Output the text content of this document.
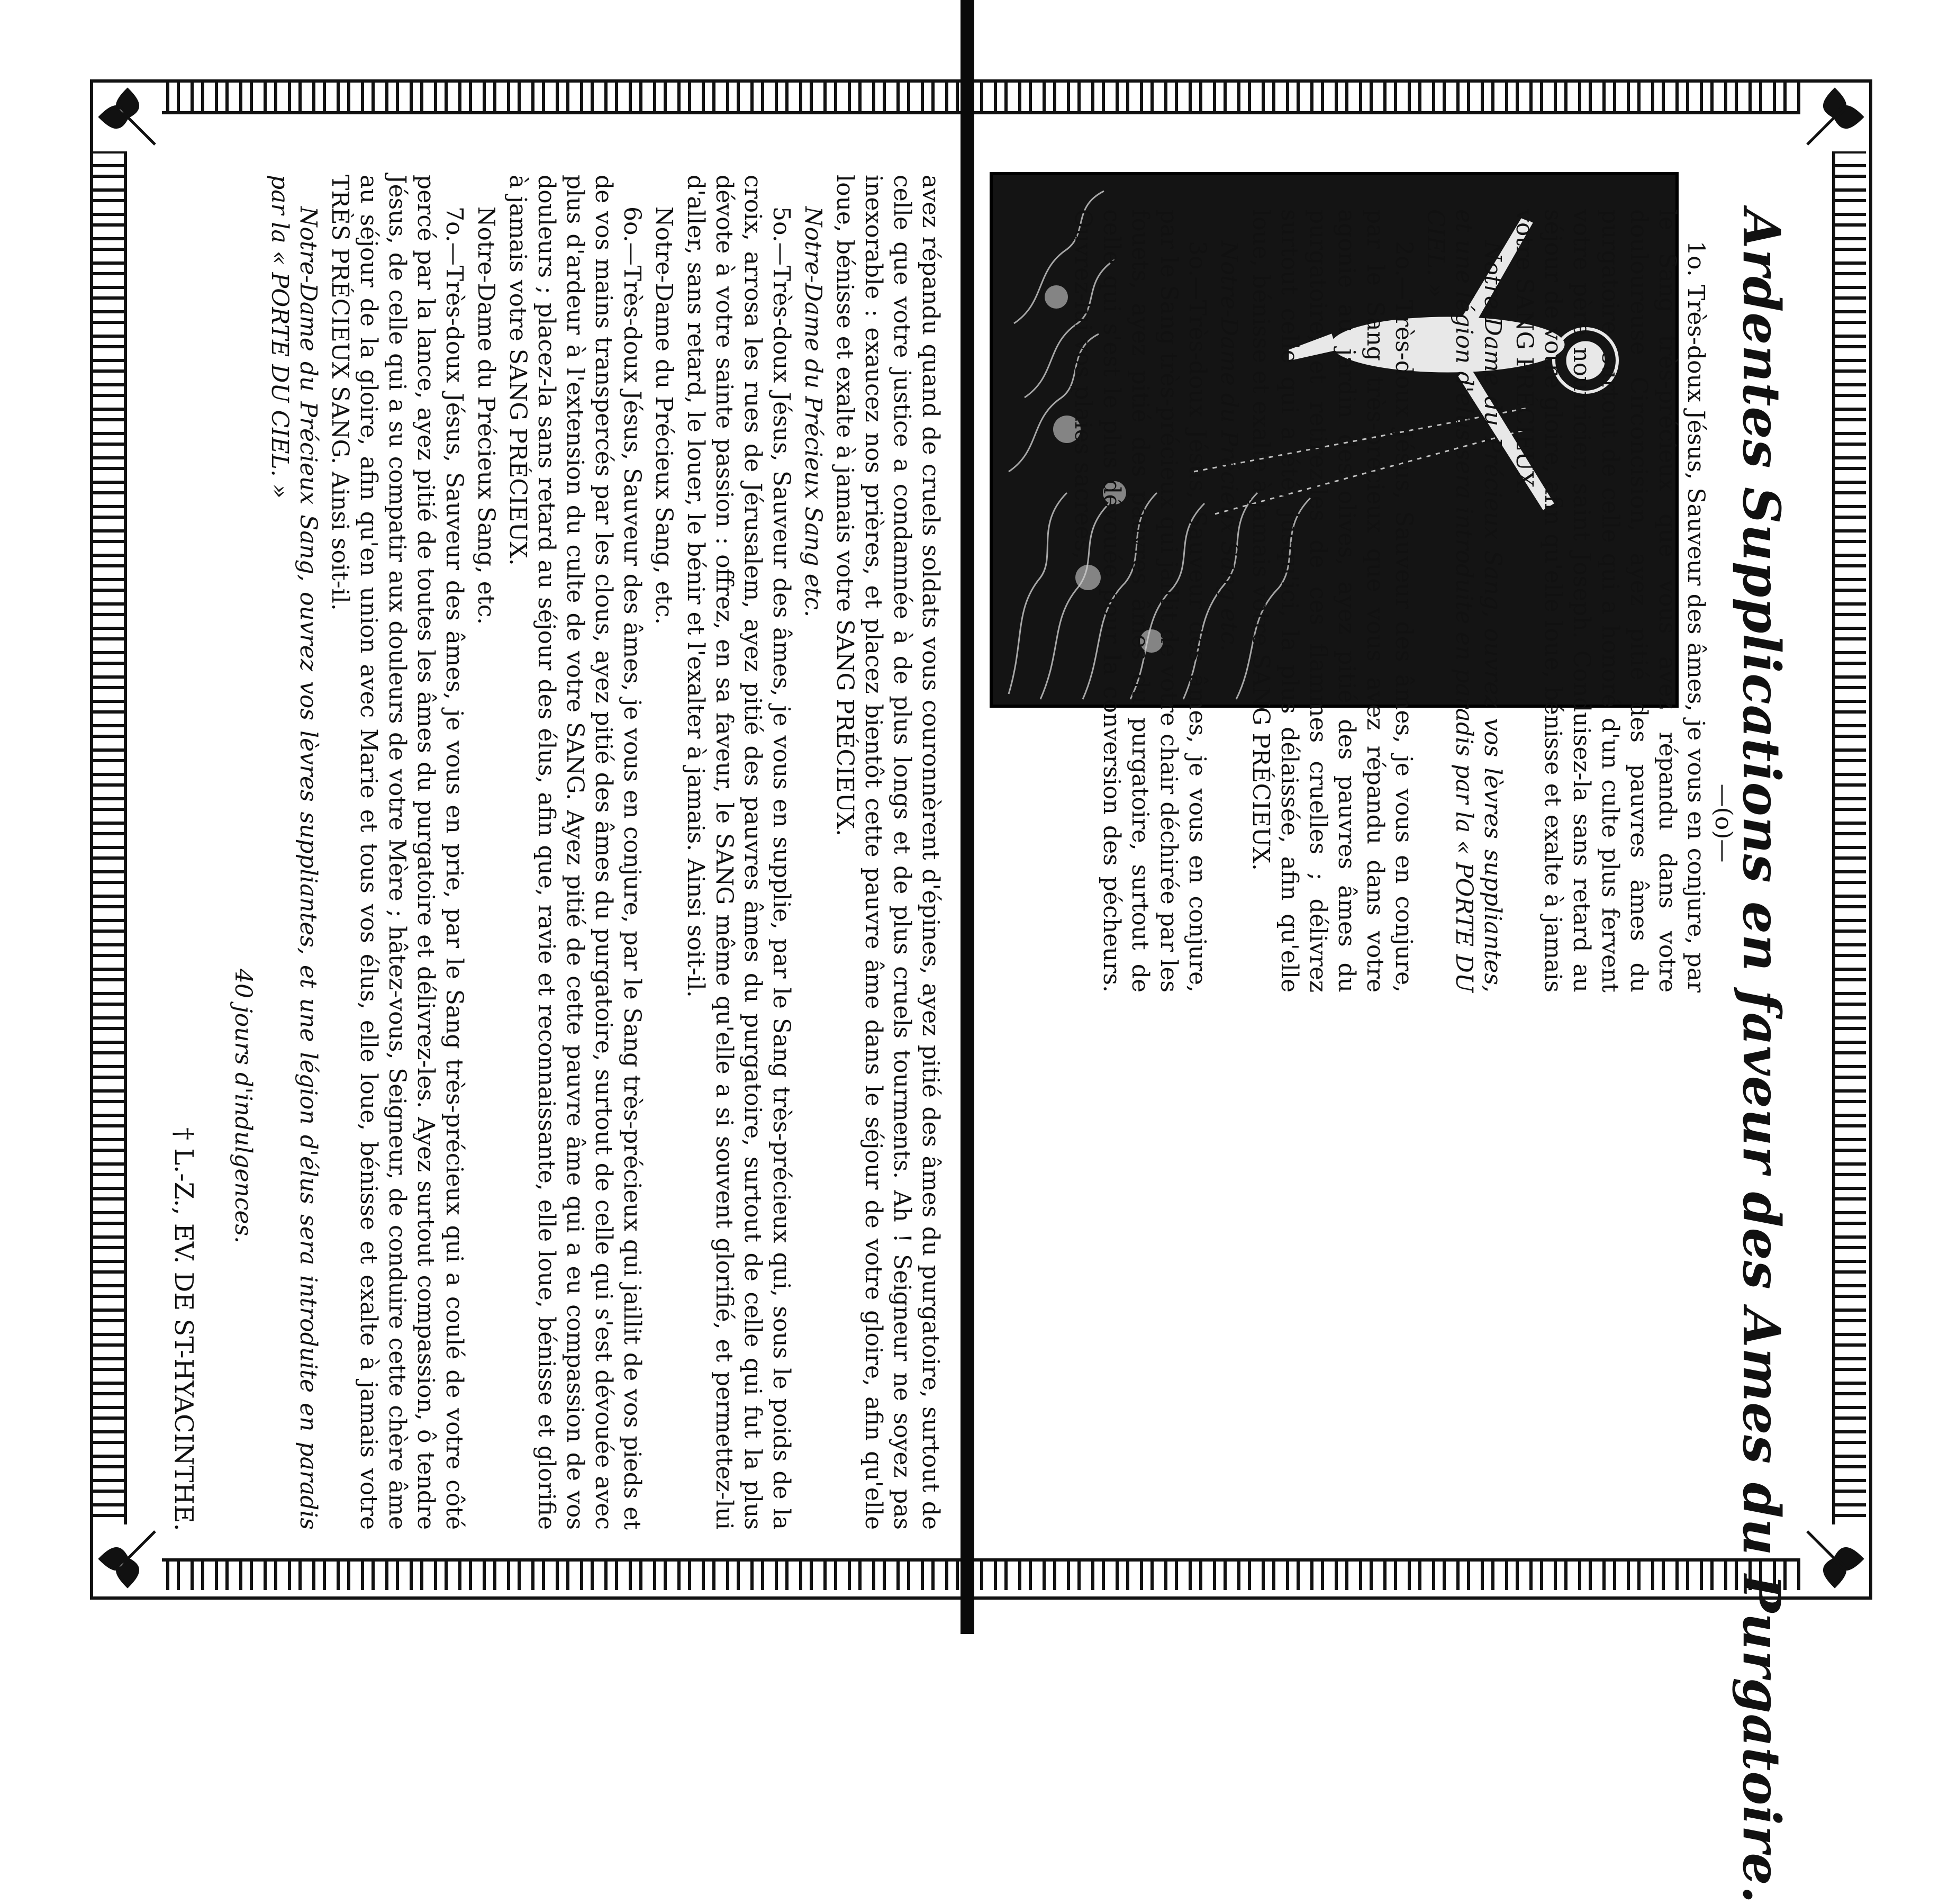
Ardentes Supplications en faveur des Ames du Purgatoire.
—(o)—

1o. Très-doux Jésus, Sauveur des âmes, je vous en conjure, par le Sang très-précieux que vous avez répandu dans votre douloureuse Circoncision, ayez pitié des pauvres âmes du purgatoire, surtout de celle qui a honoré d'un culte plus fervent votre père nourricier, saint Joseph. Conduisez-la sans retard au séjour de votre gloire, afin qu'elle loue, bénisse et exalte à jamais votre SANG PRÉCIEUX.

Notre-Dame du Précieux Sang, ouvrez vos lèvres suppliantes, et une légion d'élus sera introduite en paradis par la « PORTE DU CIEL. »

2o.—Très-doux Jésus, Sauveur des âmes, je vous en conjure, par le Sang très-précieux que vous avez répandu dans votre agonie au jardin des olives, ayez pitié des pauvres âmes du purgatoire, et retirez-les de ces flammes cruelles ; délivrez surtout celle qui a été, jusqu'ici, la plus délaissée, afin qu'elle loue, bénisse et exalte à jamais votre SANG PRÉCIEUX.

Notre-Dame du Précieux Sang etc.

3o.—Très-doux Jésus, Sauveur des âmes, je vous en conjure, par le Sang très-précieux qui jaillit de votre chair déchirée par les fouets, ayez pitié des pauvres âmes du purgatoire, surtout de celle qui s'est le plus dévouée pour la conversion des pécheurs. Ouvrez-lui vos plaies sacrées,

avez répandu quand de cruels soldats vous couronnèrent d'épines, ayez pitié des âmes du purgatoire, surtout de celle que votre justice a condamnée à de plus longs et de plus cruels tourments. Ah ! Seigneur ne soyez pas inexorable : exaucez nos prières, et placez bientôt cette pauvre âme dans le séjour de votre gloire, afin qu'elle loue, bénisse et exalte à jamais votre SANG PRÉCIEUX.

Notre-Dame du Précieux Sang etc.

5o.—Très-doux Jésus, Sauveur des âmes, je vous en supplie, par le Sang très-précieux qui, sous le poids de la croix, arrosa les rues de Jérusalem, ayez pitié des pauvres âmes du purgatoire, surtout de celle qui fut la plus dévote à votre sainte passion : offrez, en sa faveur, le SANG même qu'elle a si souvent glorifié, et permettez-lui d'aller, sans retard, le louer, le bénir et l'exalter à jamais. Ainsi soit-il.

Notre-Dame du Précieux Sang, etc.

6o.—Très-doux Jésus, Sauveur des âmes, je vous en conjure, par le Sang très-précieux qui jaillit de vos pieds et de vos mains transpercés par les clous, ayez pitié des âmes du purgatoire, surtout de celle qui s'est dévouée avec plus d'ardeur à l'extension du culte de votre SANG. Ayez pitié de cette pauvre âme qui a eu compassion de vos douleurs ; placez-la sans retard au séjour des élus, afin que, ravie et reconnaissante, elle loue, bénisse et glorifie à jamais votre SANG PRÉCIEUX.

Notre-Dame du Précieux Sang, etc.

7o.—Très-doux Jésus, Sauveur des âmes, je vous en prie, par le Sang très-précieux qui a coulé de votre côté percé par la lance, ayez pitié de toutes les âmes du purgatoire et délivrez-les. Ayez surtout compassion, ô tendre Jésus, de celle qui a su compatir aux douleurs de votre Mère ; hâtez-vous, Seigneur, de conduire cette chère âme au séjour de la gloire, afin qu'en union avec Marie et tous vos élus, elle loue, bénisse et exalte à jamais votre TRÈS PRÉCIEUX SANG. Ainsi soit-il.

Notre-Dame du Précieux Sang, ouvrez vos lèvres suppliantes, et une légion d'élus sera introduite en paradis par la « PORTE DU CIEL. »

40 jours d'indulgences.
† L.-Z., EV. DE ST-HYACINTHE.
